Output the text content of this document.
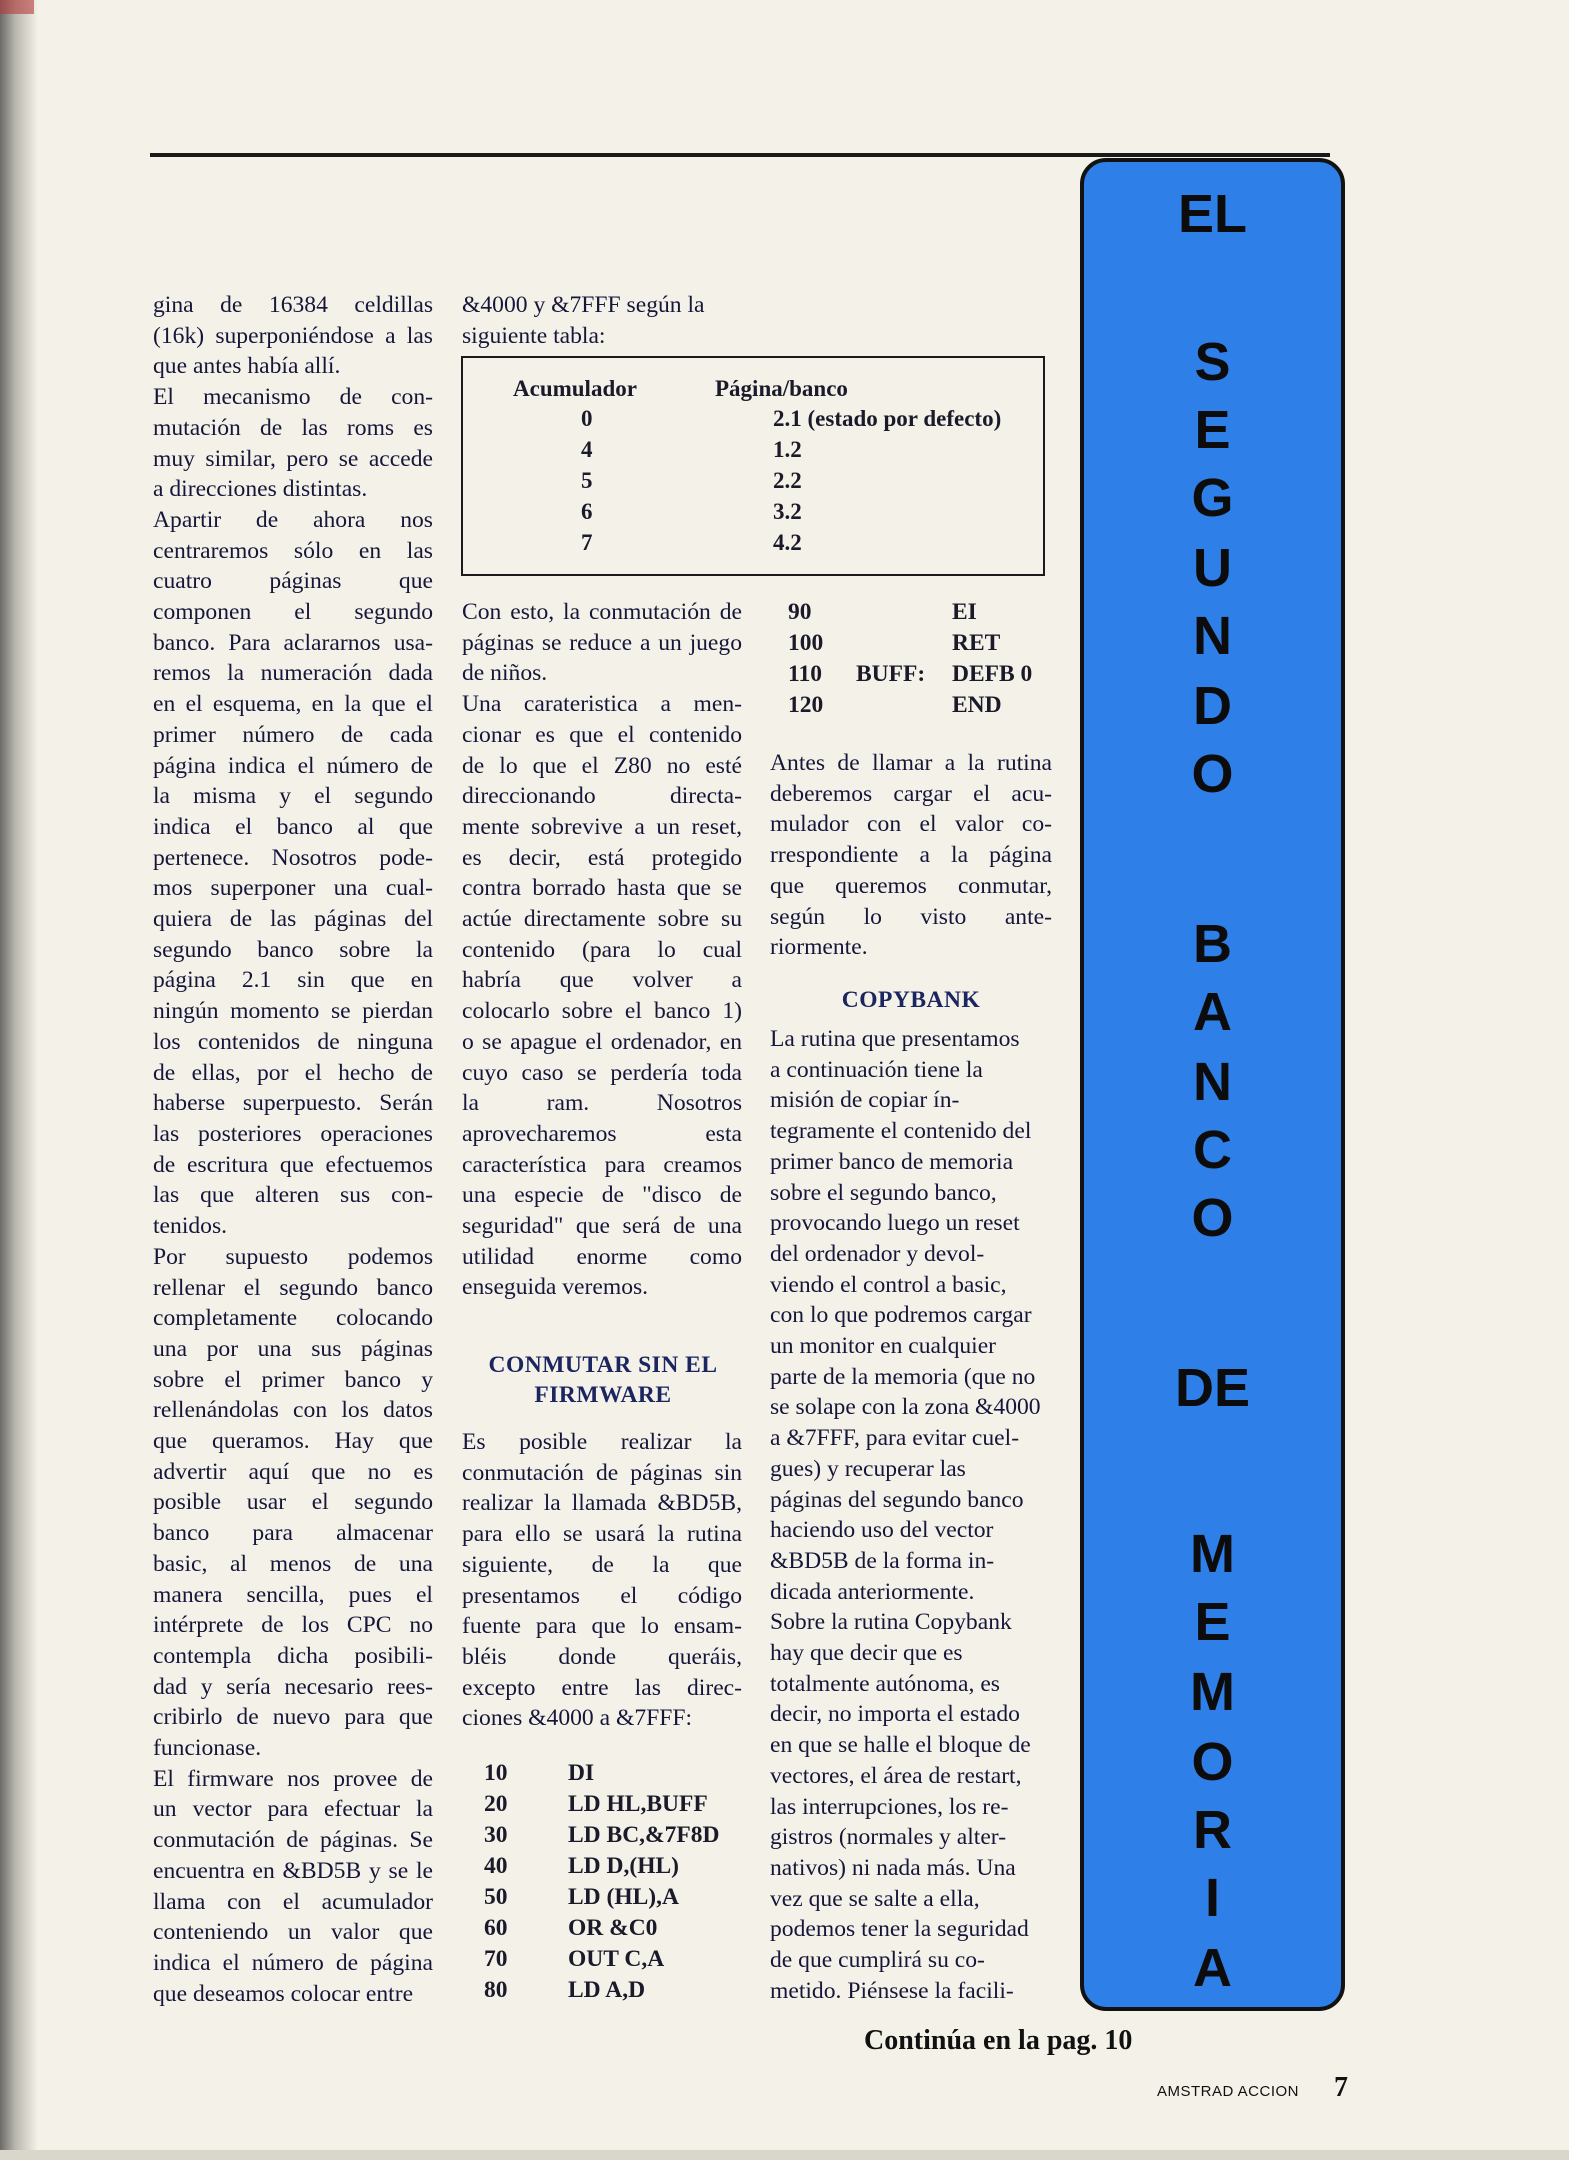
gina de 16384 celdillas
(16k) superponiéndose a las
que antes había allí.
El mecanismo de con-
mutación de las roms es
muy similar, pero se accede
a direcciones distintas.
Apartir de ahora nos
centraremos sólo en las
cuatro páginas que
componen el segundo
banco. Para aclararnos usa-
remos la numeración dada
en el esquema, en la que el
primer número de cada
página indica el número de
la misma y el segundo
indica el banco al que
pertenece. Nosotros pode-
mos superponer una cual-
quiera de las páginas del
segundo banco sobre la
página 2.1 sin que en
ningún momento se pierdan
los contenidos de ninguna
de ellas, por el hecho de
haberse superpuesto. Serán
las posteriores operaciones
de escritura que efectuemos
las que alteren sus con-
tenidos.
Por supuesto podemos
rellenar el segundo banco
completamente colocando
una por una sus páginas
sobre el primer banco y
rellenándolas con los datos
que queramos. Hay que
advertir aquí que no es
posible usar el segundo
banco para almacenar
basic, al menos de una
manera sencilla, pues el
intérprete de los CPC no
contempla dicha posibili-
dad y sería necesario rees-
cribirlo de nuevo para que
funcionase.
El firmware nos provee de
un vector para efectuar la
conmutación de páginas. Se
encuentra en &BD5B y se le
llama con el acumulador
conteniendo un valor que
indica el número de página
que deseamos colocar entre
&4000 y &7FFF según la
siguiente tabla:
Acumulador	Página/banco
0	2.1 (estado por defecto)
4	1.2
5	2.2
6	3.2
7	4.2
Con esto, la conmutación de
páginas se reduce a un juego
de niños.
Una carateristica a men-
cionar es que el contenido
de lo que el Z80 no esté
direccionando directa-
mente sobrevive a un reset,
es decir, está protegido
contra borrado hasta que se
actúe directamente sobre su
contenido (para lo cual
habría que volver a
colocarlo sobre el banco 1)
o se apague el ordenador, en
cuyo caso se perdería toda
la ram. Nosotros
aprovecharemos esta
característica para creamos
una especie de "disco de
seguridad" que será de una
utilidad enorme como
enseguida veremos.
CONMUTAR SIN EL
FIRMWARE
Es posible realizar la
conmutación de páginas sin
realizar la llamada &BD5B,
para ello se usará la rutina
siguiente, de la que
presentamos el código
fuente para que lo ensam-
bléis donde queráis,
excepto entre las direc-
ciones &4000 a &7FFF:
10	DI
20	LD HL,BUFF
30	LD BC,&7F8D
40	LD D,(HL)
50	LD (HL),A
60	OR &C0
70	OUT C,A
80	LD A,D
90	EI
100	RET
110 BUFF: DEFB 0
120	END
Antes de llamar a la rutina
deberemos cargar el acu-
mulador con el valor co-
rrespondiente a la página
que queremos conmutar,
según lo visto ante-
riormente.
COPYBANK
La rutina que presentamos
a continuación tiene la
misión de copiar ín-
tegramente el contenido del
primer banco de memoria
sobre el segundo banco,
provocando luego un reset
del ordenador y devol-
viendo el control a basic,
con lo que podremos cargar
un monitor en cualquier
parte de la memoria (que no
se solape con la zona &4000
a &7FFF, para evitar cuel-
gues) y recuperar las
páginas del segundo banco
haciendo uso del vector
&BD5B de la forma in-
dicada anteriormente.
Sobre la rutina Copybank
hay que decir que es
totalmente autónoma, es
decir, no importa el estado
en que se halle el bloque de
vectores, el área de restart,
las interrupciones, los re-
gistros (normales y alter-
nativos) ni nada más. Una
vez que se salte a ella,
podemos tener la seguridad
de que cumplirá su co-
metido. Piénsese la facili-
EL
S
E
G
U
N
D
O
B
A
N
C
O
DE
M
E
M
O
R
I
A
Continúa en la pag. 10
AMSTRAD ACCION 7
